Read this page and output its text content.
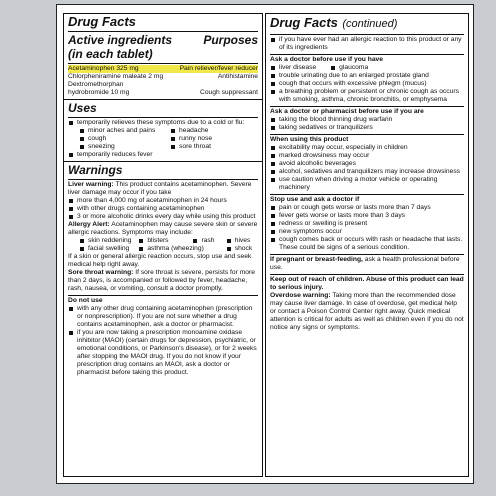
Drug Facts
Active ingredients	Purposes
(in each tablet)
Acetaminophen 325 mg	Pain reliever/fever reducer
Chlorpheniramine maleate 2 mg	Antihistamine
Dextromethorphan
hydrobromide 10 mg	Cough suppressant
Uses
temporarily relieves these symptoms due to a cold or flu:
minor aches and pains	headache
cough	runny nose
sneezing	sore throat
temporarily reduces fever
Warnings
Liver warning: This product contains acetaminophen. Severe liver damage may occur if you take
more than 4,000 mg of acetaminophen in 24 hours
with other drugs containing acetaminophen
3 or more alcoholic drinks every day while using this product
Allergy Alert: Acetaminophen may cause severe skin or severe allergic reactions. Symptoms may include:
skin reddening	blisters	rash	hives
facial swelling	asthma (wheezing)	shock
If a skin or general allergic reaction occurs, stop use and seek medical help right away.
Sore throat warning: If sore throat is severe, persists for more than 2 days, is accompanied or followed by fever, headache, rash, nausea, or vomiting, consult a doctor promptly.
Do not use
with any other drug containing acetaminophen (prescription or nonprescription). If you are not sure whether a drug contains acetaminophen, ask a doctor or pharmacist.
if you are now taking a prescription monoamine oxidase inhibitor (MAOI) (certain drugs for depression, psychiatric, or emotional conditions, or Parkinson's disease), or for 2 weeks after stopping the MAOI drug. If you do not know if your prescription drug contains an MAOI, ask a doctor or pharmacist before taking this product.
Drug Facts (continued)
if you have ever had an allergic reaction to this product or any of its ingredients
Ask a doctor before use if you have
liver disease	glaucoma
trouble urinating due to an enlarged prostate gland
cough that occurs with excessive phlegm (mucus)
a breathing problem or persistent or chronic cough as occurs with smoking, asthma, chronic bronchitis, or emphysema
Ask a doctor or pharmacist before use if you are
taking the blood thinning drug warfarin
taking sedatives or tranquilizers
When using this product
excitability may occur, especially in children
marked drowsiness may occur
avoid alcoholic beverages
alcohol, sedatives and tranquilizers may increase drowsiness
use caution when driving a motor vehicle or operating machinery
Stop use and ask a doctor if
pain or cough gets worse or lasts more than 7 days
fever gets worse or lasts more than 3 days
redness or swelling is present
new symptoms occur
cough comes back or occurs with rash or headache that lasts. These could be signs of a serious condition.
If pregnant or breast-feeding, ask a health professional before use.
Keep out of reach of children. Abuse of this product can lead to serious injury.
Overdose warning: Taking more than the recommended dose may cause liver damage. In case of overdose, get medical help or contact a Poison Control Center right away. Quick medical attention is critical for adults as well as children even if you do not notice any signs or symptoms.
